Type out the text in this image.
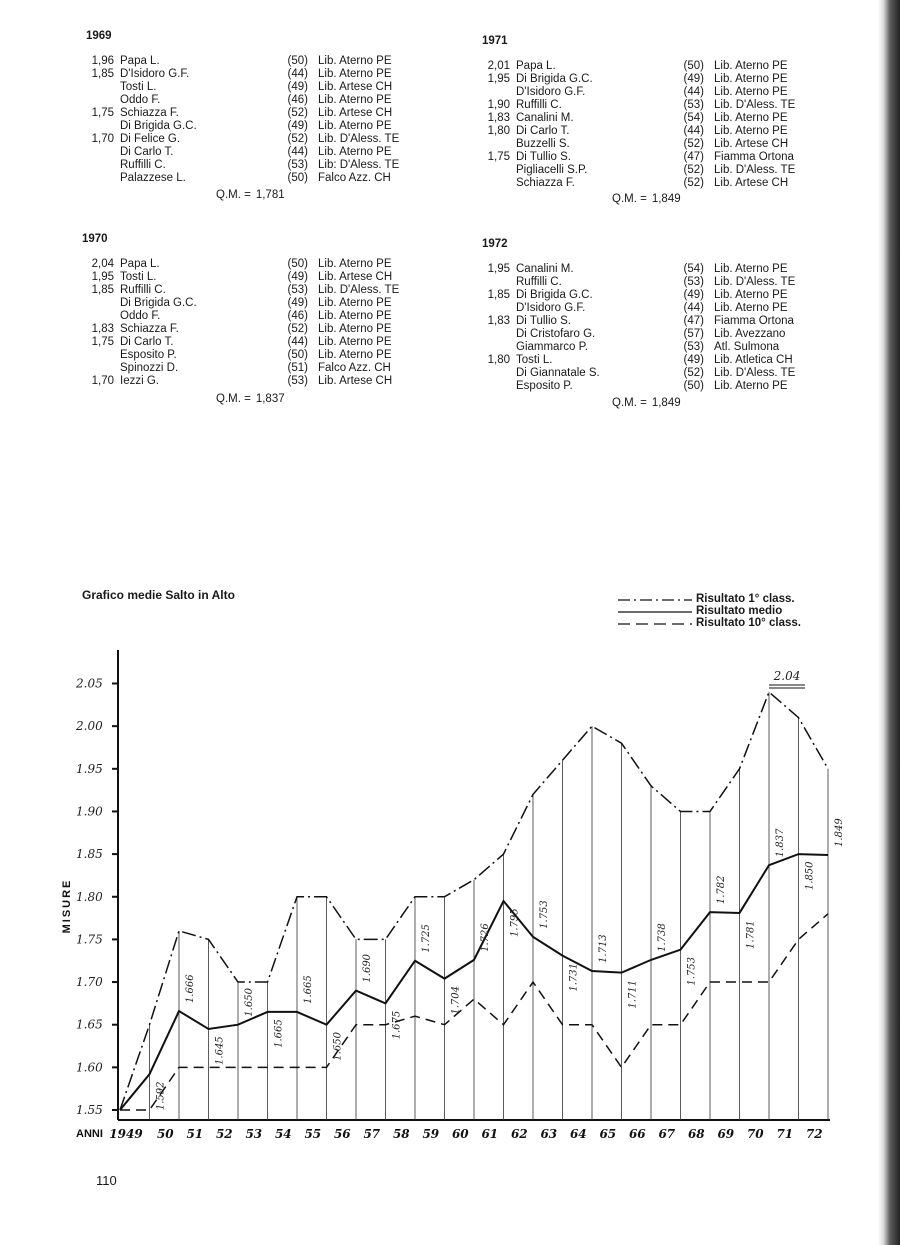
1969
1,96 Papa L.	(50) Lib. Aterno PE
1,85 D'Isidoro G.F.	(44) Lib. Aterno PE
Tosti L.	(49) Lib. Artese CH
Oddo F.	(46) Lib. Aterno PE
1,75 Schiazza F.	(52) Lib. Artese CH
Di Brigida G.C.	(49) Lib. Aterno PE
1,70 Di Felice G.	(52) Lib. D'Aless. TE
Di Carlo T.	(44) Lib. Aterno PE
Ruffilli C.	(53) Lib: D'Aless. TE
Palazzese L.	(50) Falco Azz. CH
Q.M. = 1,781
1970
2,04 Papa L.	(50) Lib. Aterno PE
1,95 Tosti L.	(49) Lib. Artese CH
1,85 Ruffilli C.	(53) Lib. D'Aless. TE
Di Brigida G.C.	(49) Lib. Aterno PE
Oddo F.	(46) Lib. Aterno PE
1,83 Schiazza F.	(52) Lib. Aterno PE
1,75 Di Carlo T.	(44) Lib. Aterno PE
Esposito P.	(50) Lib. Aterno PE
Spinozzi D.	(51) Falco Azz. CH
1,70 Iezzi G.	(53) Lib. Artese CH
Q.M. = 1,837
1971
2,01 Papa L.	(50) Lib. Aterno PE
1,95 Di Brigida G.C.	(49) Lib. Aterno PE
D'Isidoro G.F.	(44) Lib. Aterno PE
1,90 Ruffilli C.	(53) Lib. D'Aless. TE
1,83 Canalini M.	(54) Lib. Aterno PE
1,80 Di Carlo T.	(44) Lib. Aterno PE
Buzzelli S.	(52) Lib. Artese CH
1,75 Di Tullio S.	(47) Fiamma Ortona
Pigliacelli S.P.	(52) Lib. D'Aless. TE
Schiazza F.	(52) Lib. Artese CH
Q.M. = 1,849
1972
1,95 Canalini M.	(54) Lib. Aterno PE
Ruffilli C.	(53) Lib. D'Aless. TE
1,85 Di Brigida G.C.	(49) Lib. Aterno PE
D'Isidoro G.F.	(44) Lib. Aterno PE
1,83 Di Tullio S.	(47) Fiamma Ortona
Di Cristofaro G.	(57) Lib. Avezzano
Giammarco P.	(53) Atl. Sulmona
1,80 Tosti L.	(49) Lib. Atletica CH
Di Giannatale S.	(52) Lib. D'Aless. TE
Esposito P.	(50) Lib. Aterno PE
Q.M. = 1,849
Grafico medie Salto in Alto	Risultato 1° class.
Risultato medio
Risultato 10° class.
1.55
1.60
1.65
1.70
1.75
1.80
1.85
1.90
1.95
2.00
2.05
1949 50 51 52 53 54 55 56 57 58 59 60 61 62 63 64 65 66 67 68 69 70 71 72
1.592
1.666
1.645
1.650
1.665
1.665
1.650
1.690
1.675
1.725
1.704
1.726
1.795 1.753
1.731
1.713
1.711
1.738
1.753
1.782
1.781
1.837
1.850
1.849
2.04
ANNI
MISURE
110
